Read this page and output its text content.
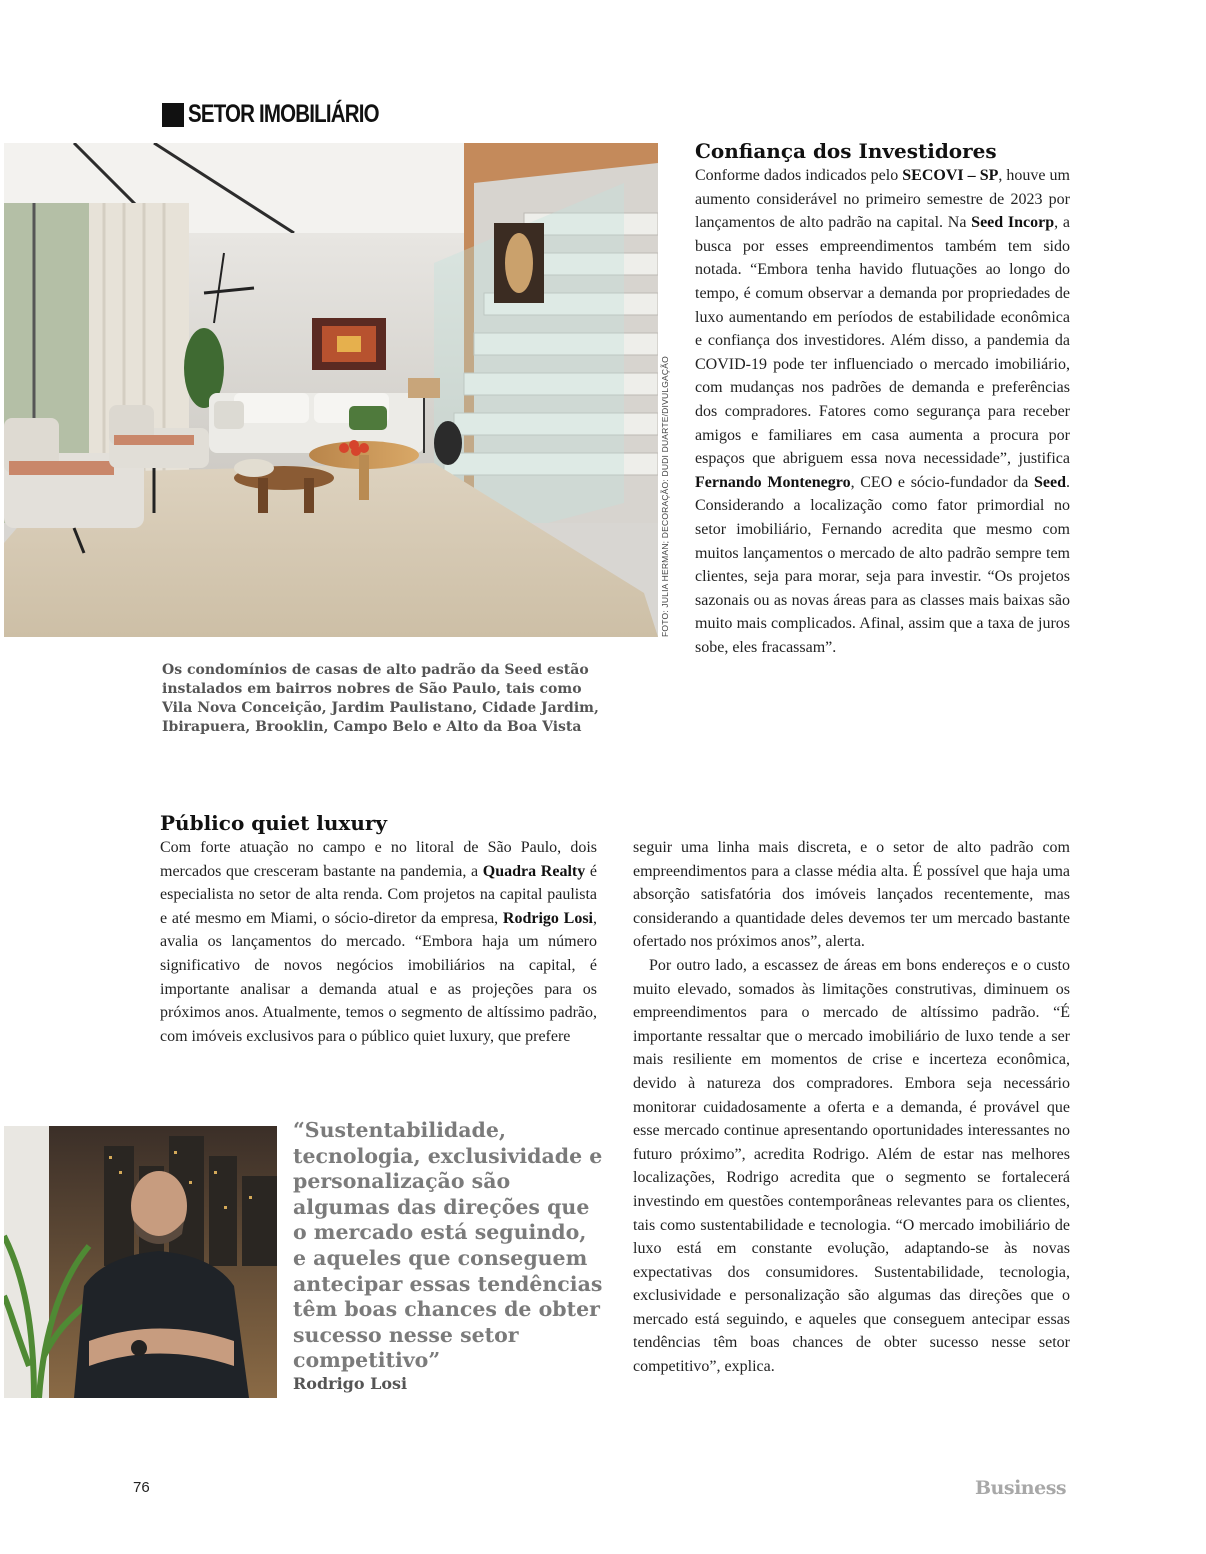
SETOR IMOBILIÁRIO
FOTO: JULIA HERMAN; DECORAÇÃO: DUDI DUARTE/DIVULGAÇÃO
Os condomínios de casas de alto padrão da Seed estão instalados em bairros nobres de São Paulo, tais como Vila Nova Conceição, Jardim Paulistano, Cidade Jardim, Ibirapuera, Brooklin, Campo Belo e Alto da Boa Vista
Confiança dos Investidores

Conforme dados indicados pelo SECOVI – SP, houve um aumento considerável no primeiro semestre de 2023 por lançamentos de alto padrão na capital. Na Seed Incorp, a busca por esses empreendimentos também tem sido notada. “Embora tenha havido flutuações ao longo do tempo, é comum observar a demanda por propriedades de luxo aumentando em períodos de estabilidade econômica e confiança dos investidores. Além disso, a pandemia da COVID-19 pode ter influenciado o mercado imobiliário, com mudanças nos padrões de demanda e preferências dos compradores. Fatores como segurança para receber amigos e familiares em casa aumenta a procura por espaços que abriguem essa nova necessidade”, justifica Fernando Montenegro, CEO e sócio-fundador da Seed. Considerando a localização como fator primordial no setor imobiliário, Fernando acredita que mesmo com muitos lançamentos o mercado de alto padrão sempre tem clientes, seja para morar, seja para investir. “Os projetos sazonais ou as novas áreas para as classes mais baixas são muito mais complicados. Afinal, assim que a taxa de juros sobe, eles fracassam”.

Público quiet luxury

Com forte atuação no campo e no litoral de São Paulo, dois mercados que cresceram bastante na pandemia, a Quadra Realty é especialista no setor de alta renda. Com projetos na capital paulista e até mesmo em Miami, o sócio-diretor da empresa, Rodrigo Losi, avalia os lançamentos do mercado. “Embora haja um número significativo de novos negócios imobiliários na capital, é importante analisar a demanda atual e as projeções para os próximos anos. Atualmente, temos o segmento de altíssimo padrão, com imóveis exclusivos para o público quiet luxury, que prefere

seguir uma linha mais discreta, e o setor de alto padrão com empreendimentos para a classe média alta. É possível que haja uma absorção satisfatória dos imóveis lançados recentemente, mas considerando a quantidade deles devemos ter um mercado bastante ofertado nos próximos anos”, alerta.

Por outro lado, a escassez de áreas em bons endereços e o custo muito elevado, somados às limitações construtivas, diminuem os empreendimentos para o mercado de altíssimo padrão. “É importante ressaltar que o mercado imobiliário de luxo tende a ser mais resiliente em momentos de crise e incerteza econômica, devido à natureza dos compradores. Embora seja necessário monitorar cuidadosamente a oferta e a demanda, é provável que esse mercado continue apresentando oportunidades interessantes no futuro próximo”, acredita Rodrigo. Além de estar nas melhores localizações, Rodrigo acredita que o segmento se fortalecerá investindo em questões contemporâneas relevantes para os clientes, tais como sustentabilidade e tecnologia. “O mercado imobiliário de luxo está em constante evolução, adaptando-se às novas expectativas dos consumidores. Sustentabilidade, tecnologia, exclusividade e personalização são algumas das direções que o mercado está seguindo, e aqueles que conseguem antecipar essas tendências têm boas chances de obter sucesso nesse setor competitivo”, explica.

“Sustentabilidade, tecnologia, exclusividade e personalização são algumas das direções que o mercado está seguindo, e aqueles que conseguem antecipar essas tendências têm boas chances de obter sucesso nesse setor competitivo”
Rodrigo Losi
76	Business
